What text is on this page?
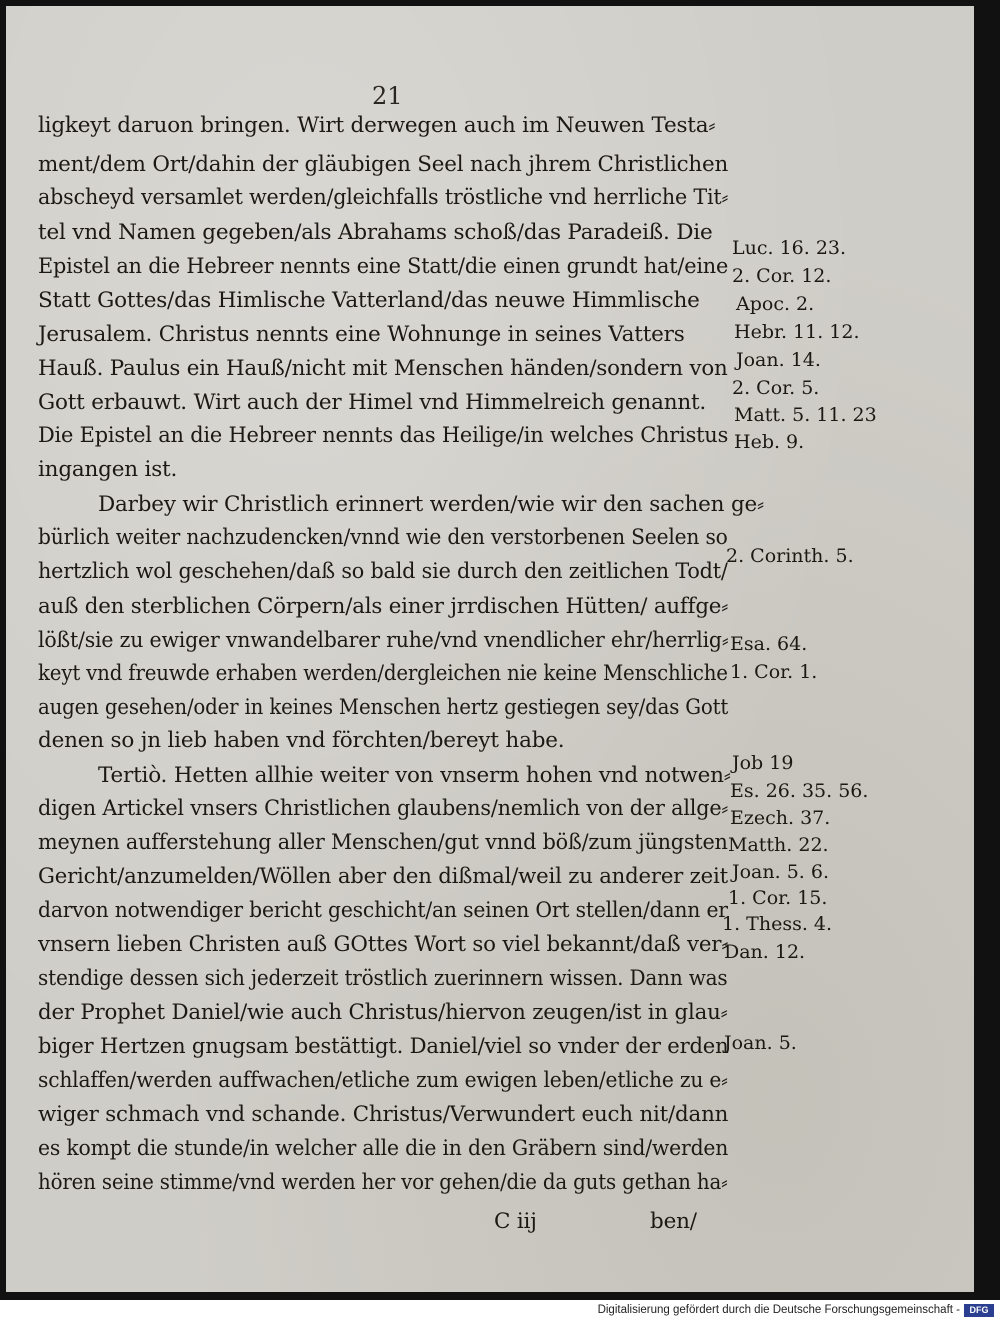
21
ligkeyt daruon bringen. Wirt derwegen auch im Neuwen Testa⸗
ment/dem Ort/dahin der gläubigen Seel nach jhrem Christlichen
abscheyd versamlet werden/gleichfalls tröstliche vnd herrliche Tit⸗
tel vnd Namen gegeben/als Abrahams schoß/das Paradeiß. Die
Epistel an die Hebreer nennts eine Statt/die einen grundt hat/eine
Statt Gottes/das Himlische Vatterland/das neuwe Himmlische
Jerusalem. Christus nennts eine Wohnunge in seines Vatters
Hauß. Paulus ein Hauß/nicht mit Menschen händen/sondern von
Gott erbauwt. Wirt auch der Himel vnd Himmelreich genannt.
Die Epistel an die Hebreer nennts das Heilige/in welches Christus
ingangen ist.
Darbey wir Christlich erinnert werden/wie wir den sachen ge⸗
bürlich weiter nachzudencken/vnnd wie den verstorbenen Seelen so
hertzlich wol geschehen/daß so bald sie durch den zeitlichen Todt/
auß den sterblichen Cörpern/als einer jrrdischen Hütten/ auffge⸗
lößt/sie zu ewiger vnwandelbarer ruhe/vnd vnendlicher ehr/herrlig⸗
keyt vnd freuwde erhaben werden/dergleichen nie keine Menschliche
augen gesehen/oder in keines Menschen hertz gestiegen sey/das Gott
denen so jn lieb haben vnd förchten/bereyt habe.
Tertiò. Hetten allhie weiter von vnserm hohen vnd notwen⸗
digen Artickel vnsers Christlichen glaubens/nemlich von der allge⸗
meynen aufferstehung aller Menschen/gut vnnd böß/zum jüngsten
Gericht/anzumelden/Wöllen aber den dißmal/weil zu anderer zeit
darvon notwendiger bericht geschicht/an seinen Ort stellen/dann er
vnsern lieben Christen auß GOttes Wort so viel bekannt/daß ver⸗
stendige dessen sich jederzeit tröstlich zuerinnern wissen. Dann was
der Prophet Daniel/wie auch Christus/hiervon zeugen/ist in glau⸗
biger Hertzen gnugsam bestättigt. Daniel/viel so vnder der erden
schlaffen/werden auffwachen/etliche zum ewigen leben/etliche zu e⸗
wiger schmach vnd schande. Christus/Verwundert euch nit/dann
es kompt die stunde/in welcher alle die in den Gräbern sind/werden
hören seine stimme/vnd werden her vor gehen/die da guts gethan ha⸗
C iij	ben/
Luc. 16. 23.
2. Cor. 12.
Apoc. 2.
Hebr. 11. 12.
Joan. 14.
2. Cor. 5.
Matt. 5. 11. 23
Heb. 9.
2. Corinth. 5.
Esa. 64.
1. Cor. 1.
Job 19
Es. 26. 35. 56.
Ezech. 37.
Matth. 22.
Joan. 5. 6.
1. Cor. 15.
1. Thess. 4.
Dan. 12.
Joan. 5.
Digitalisierung gefördert durch die Deutsche Forschungsgemeinschaft -	DFG
